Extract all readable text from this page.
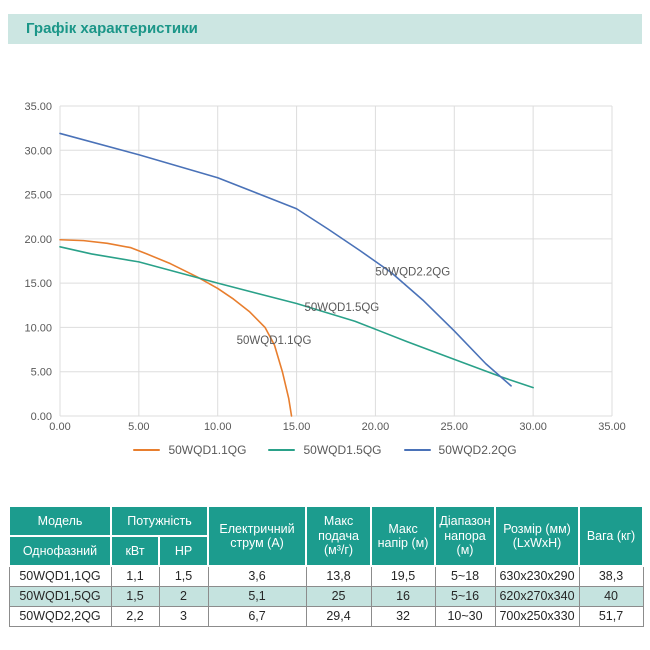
Графік характеристики
0.00
5.00
10.00
15.00
20.00
25.00
30.00
35.00
0.00	5.00	10.00	15.00	20.00	25.00	30.00	35.00
50WQD2.2QG
50WQD1.5QG
50WQD1.1QG
50WQD1.1QG	50WQD1.5QG	50WQD2.2QG
Модель	Потужність		Електричний струм (А)	Макс подача (м³/г)	Макс напір (м)	Діапазон напора (м)	Розмір (мм) (LxWxH)	Вага (кг)
Однофазний	кВт	HP						
50WQD1,1QG	1,1	1,5	3,6	13,8	19,5	5~18	630x230x290	38,3
50WQD1,5QG	1,5	2	5,1	25	16	5~16	620x270x340	40
50WQD2,2QG	2,2	3	6,7	29,4	32	10~30	700x250x330	51,7
